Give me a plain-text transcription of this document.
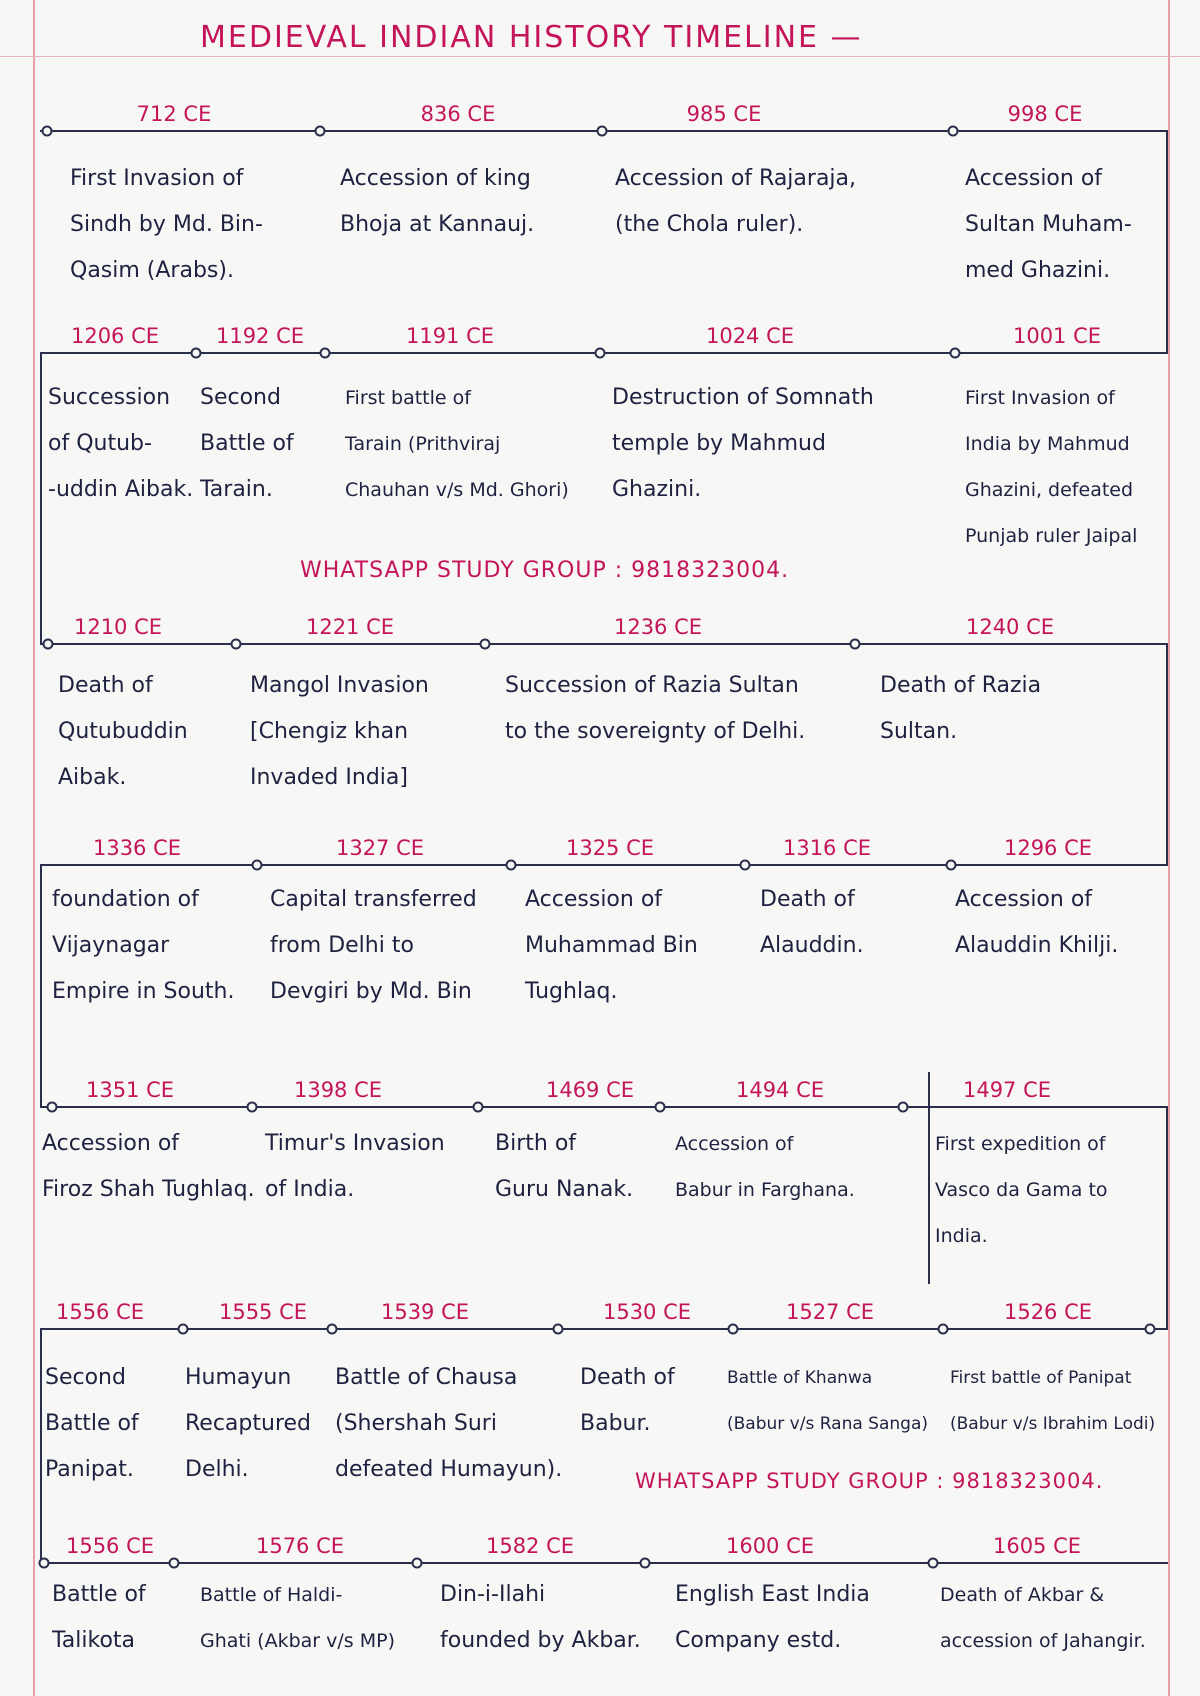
MEDIEVAL INDIAN HISTORY TIMELINE —
712 CE
First Invasion of
Sindh by Md. Bin-
Qasim (Arabs).
836 CE
Accession of king
Bhoja at Kannauj.
985 CE
Accession of Rajaraja,
(the Chola ruler).
998 CE
Accession of
Sultan Muham-
med Ghazini.
1206 CE
Succession
of Qutub-
-uddin Aibak.
1192 CE
Second
Battle of
Tarain.
1191 CE
First battle of
Tarain (Prithviraj
Chauhan v/s Md. Ghori)
1024 CE
Destruction of Somnath
temple by Mahmud
Ghazini.
1001 CE
First Invasion of
India by Mahmud
Ghazini, defeated
Punjab ruler Jaipal
1210 CE
Death of
Qutubuddin
Aibak.
1221 CE
Mangol Invasion
[Chengiz khan
Invaded India]
1236 CE
Succession of Razia Sultan
to the sovereignty of Delhi.
1240 CE
Death of Razia
Sultan.
1336 CE
foundation of
Vijaynagar
Empire in South.
1327 CE
Capital transferred
from Delhi to
Devgiri by Md. Bin
1325 CE
Accession of
Muhammad Bin
Tughlaq.
1316 CE
Death of
Alauddin.
1296 CE
Accession of
Alauddin Khilji.
1351 CE
Accession of
Firoz Shah Tughlaq.
1398 CE
Timur's Invasion
of India.
1469 CE
Birth of
Guru Nanak.
1494 CE
Accession of
Babur in Farghana.
1497 CE
First expedition of
Vasco da Gama to
India.
1556 CE
Second
Battle of
Panipat.
1555 CE
Humayun
Recaptured
Delhi.
1539 CE
Battle of Chausa
(Shershah Suri
defeated Humayun).
1530 CE
Death of
Babur.
1527 CE
Battle of Khanwa
(Babur v/s Rana Sanga)
1526 CE
First battle of Panipat
(Babur v/s Ibrahim Lodi)
1556 CE
Battle of
Talikota
1576 CE
Battle of Haldi-
Ghati (Akbar v/s MP)
1582 CE
Din-i-Ilahi
founded by Akbar.
1600 CE
English East India
Company estd.
1605 CE
Death of Akbar &
accession of Jahangir.
WHATSAPP STUDY GROUP : 9818323004.
WHATSAPP STUDY GROUP : 9818323004.
